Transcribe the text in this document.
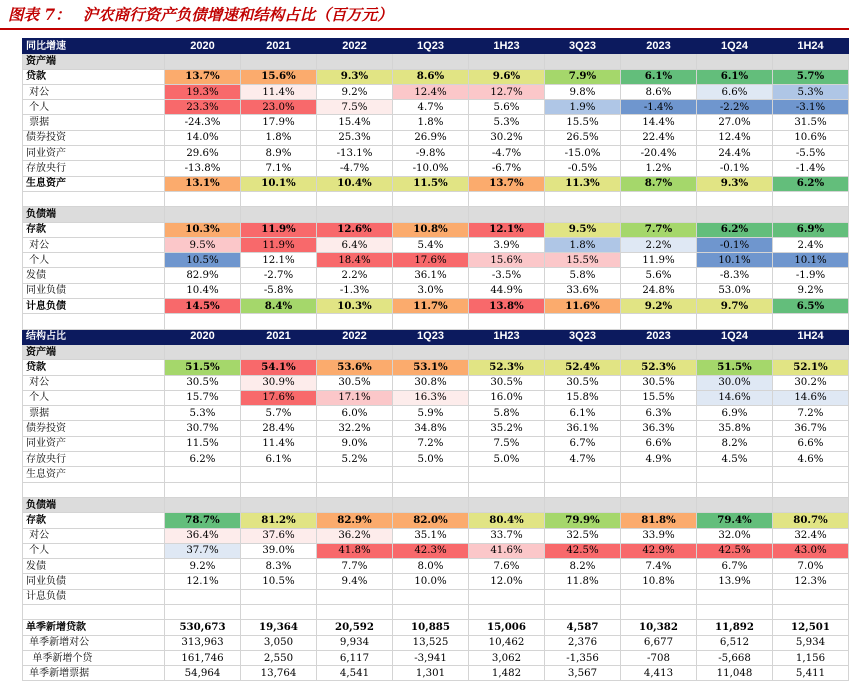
图表 7： 沪农商行资产负债增速和结构占比（百万元）
同比增速	2020	2021	2022	1Q23	1H23	3Q23	2023	1Q24	1H24
资产端									
贷款	13.7%	15.6%	9.3%	8.6%	9.6%	7.9%	6.1%	6.1%	5.7%
对公	19.3%	11.4%	9.2%	12.4%	12.7%	9.8%	8.6%	6.6%	5.3%
个人	23.3%	23.0%	7.5%	4.7%	5.6%	1.9%	-1.4%	-2.2%	-3.1%
票据	-24.3%	17.9%	15.4%	1.8%	5.3%	15.5%	14.4%	27.0%	31.5%
债券投资	14.0%	1.8%	25.3%	26.9%	30.2%	26.5%	22.4%	12.4%	10.6%
同业资产	29.6%	8.9%	-13.1%	-9.8%	-4.7%	-15.0%	-20.4%	24.4%	-5.5%
存放央行	-13.8%	7.1%	-4.7%	-10.0%	-6.7%	-0.5%	1.2%	-0.1%	-1.4%
生息资产	13.1%	10.1%	10.4%	11.5%	13.7%	11.3%	8.7%	9.3%	6.2%

负债端									
存款	10.3%	11.9%	12.6%	10.8%	12.1%	9.5%	7.7%	6.2%	6.9%
对公	9.5%	11.9%	6.4%	5.4%	3.9%	1.8%	2.2%	-0.1%	2.4%
个人	10.5%	12.1%	18.4%	17.6%	15.6%	15.5%	11.9%	10.1%	10.1%
发债	82.9%	-2.7%	2.2%	36.1%	-3.5%	5.8%	5.6%	-8.3%	-1.9%
同业负债	10.4%	-5.8%	-1.3%	3.0%	44.9%	33.6%	24.8%	53.0%	9.2%
计息负债	14.5%	8.4%	10.3%	11.7%	13.8%	11.6%	9.2%	9.7%	6.5%

结构占比	2020	2021	2022	1Q23	1H23	3Q23	2023	1Q24	1H24
资产端									
贷款	51.5%	54.1%	53.6%	53.1%	52.3%	52.4%	52.3%	51.5%	52.1%
对公	30.5%	30.9%	30.5%	30.8%	30.5%	30.5%	30.5%	30.0%	30.2%
个人	15.7%	17.6%	17.1%	16.3%	16.0%	15.8%	15.5%	14.6%	14.6%
票据	5.3%	5.7%	6.0%	5.9%	5.8%	6.1%	6.3%	6.9%	7.2%
债券投资	30.7%	28.4%	32.2%	34.8%	35.2%	36.1%	36.3%	35.8%	36.7%
同业资产	11.5%	11.4%	9.0%	7.2%	7.5%	6.7%	6.6%	8.2%	6.6%
存放央行	6.2%	6.1%	5.2%	5.0%	5.0%	4.7%	4.9%	4.5%	4.6%
生息资产									

负债端									
存款	78.7%	81.2%	82.9%	82.0%	80.4%	79.9%	81.8%	79.4%	80.7%
对公	36.4%	37.6%	36.2%	35.1%	33.7%	32.5%	33.9%	32.0%	32.4%
个人	37.7%	39.0%	41.8%	42.3%	41.6%	42.5%	42.9%	42.5%	43.0%
发债	9.2%	8.3%	7.7%	8.0%	7.6%	8.2%	7.4%	6.7%	7.0%
同业负债	12.1%	10.5%	9.4%	10.0%	12.0%	11.8%	10.8%	13.9%	12.3%
计息负债									

单季新增贷款	530,673	19,364	20,592	10,885	15,006	4,587	10,382	11,892	12,501
单季新增对公	313,963	3,050	9,934	13,525	10,462	2,376	6,677	6,512	5,934
单季新增个贷	161,746	2,550	6,117	-3,941	3,062	-1,356	-708	-5,668	1,156
单季新增票据	54,964	13,764	4,541	1,301	1,482	3,567	4,413	11,048	5,411
